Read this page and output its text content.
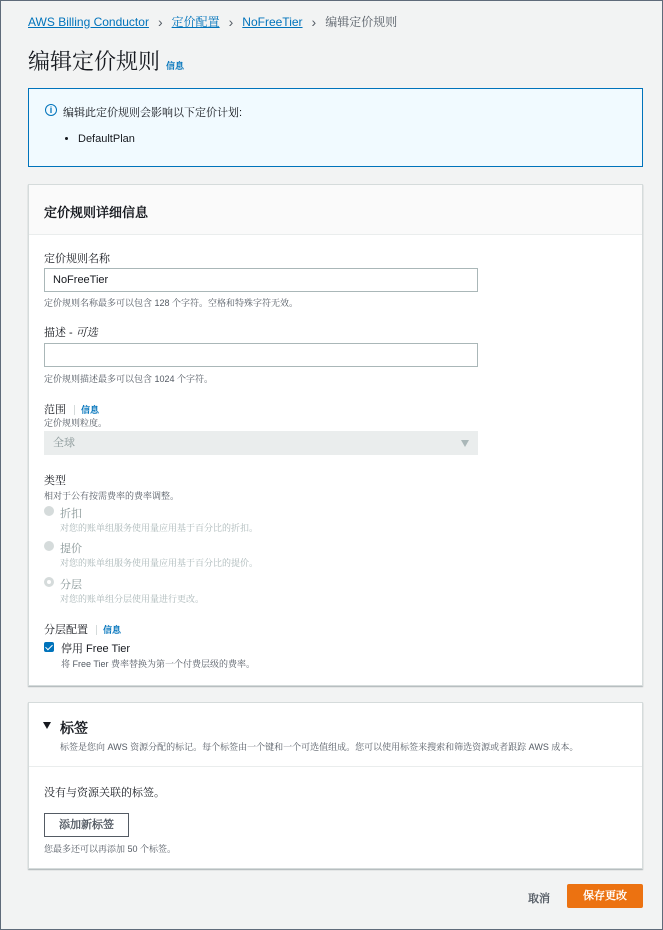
AWS Billing Conductor › 定价配置 › NoFreeTier › 编辑定价规则
编辑定价规则 信息
i 编辑此定价规则会影响以下定价计划:
• DefaultPlan
定价规则详细信息
定价规则名称
NoFreeTier
定价规则名称最多可以包含 128 个字符。空格和特殊字符无效。
描述 - 可选
定价规则描述最多可以包含 1024 个字符。
范围 信息
定价规则粒度。
全球
类型
相对于公有按需费率的费率调整。
折扣
对您的账单组服务使用量应用基于百分比的折扣。
提价
对您的账单组服务使用量应用基于百分比的提价。
分层
对您的账单组分层使用量进行更改。
分层配置 信息
停用 Free Tier
将 Free Tier 费率替换为第一个付费层级的费率。
标签
标签是您向 AWS 资源分配的标记。每个标签由一个键和一个可选值组成。您可以使用标签来搜索和筛选资源或者跟踪 AWS 成本。
没有与资源关联的标签。
添加新标签
您最多还可以再添加 50 个标签。
取消	保存更改
